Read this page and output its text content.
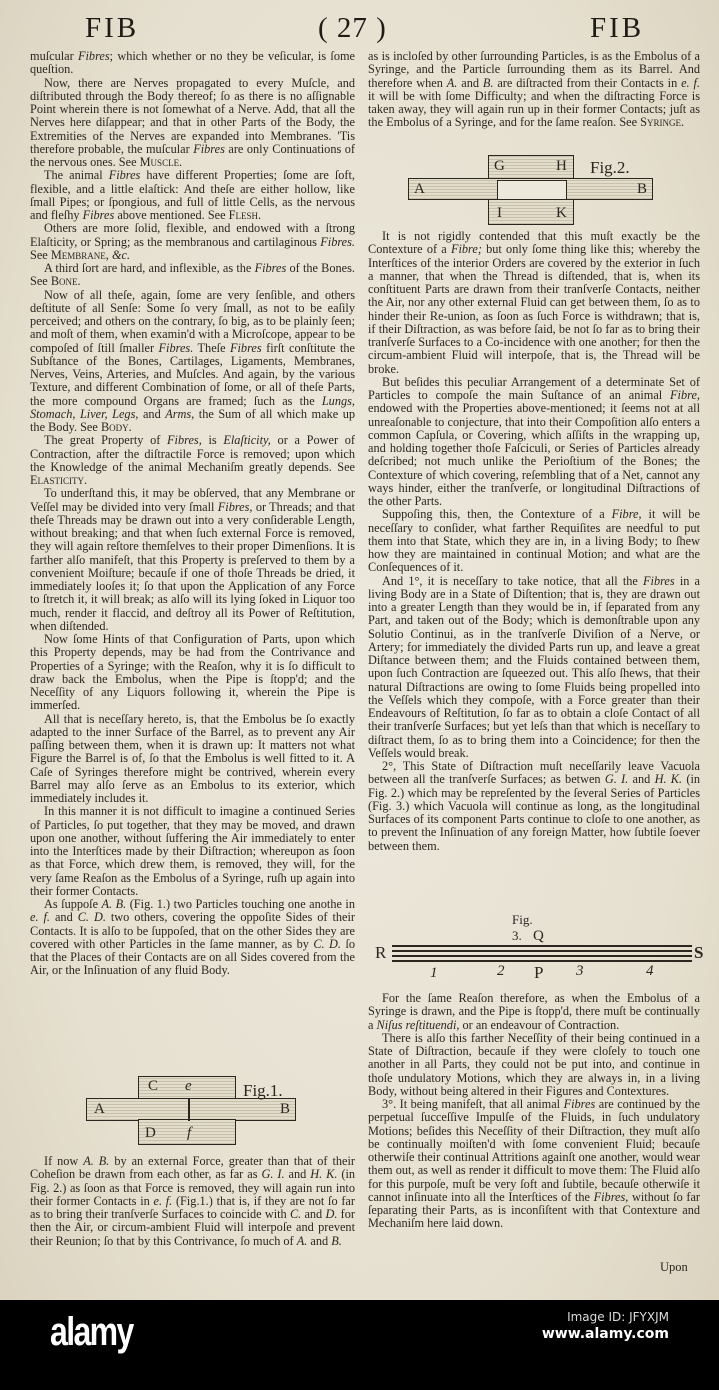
FIB	( 27 )	FIB

muſcular Fibres; which whether or no they be veſicular, is ſome queſtion.

Now, there are Nerves propagated to every Muſcle, and diſtributed through the Body thereof; ſo as there is no aſſignable Point wherein there is not ſomewhat of a Nerve. Add, that all the Nerves here diſappear; and that in other Parts of the Body, the Extremities of the Nerves are expanded into Membranes. 'Tis therefore probable, the muſcular Fibres are only Continuations of the nervous ones. See Muscle.

The animal Fibres have different Properties; ſome are ſoft, flexible, and a little elaſtick: And theſe are either hollow, like ſmall Pipes; or ſpongious, and full of little Cells, as the nervous and fleſhy Fibres above mentioned. See Flesh.

Others are more ſolid, flexible, and endowed with a ſtrong Elaſticity, or Spring; as the membranous and cartilaginous Fibres. See Membrane, &c.

A third ſort are hard, and inflexible, as the Fibres of the Bones. See Bone.

Now of all theſe, again, ſome are very ſenſible, and others deſtitute of all Senſe: Some ſo very ſmall, as not to be eaſily perceived; and others on the contrary, ſo big, as to be plainly ſeen; and moſt of them, when examin'd with a Microſcope, appear to be compoſed of ſtill ſmaller Fibres. Theſe Fibres firſt conſtitute the Subſtance of the Bones, Cartilages, Ligaments, Membranes, Nerves, Veins, Arteries, and Muſcles. And again, by the various Texture, and different Combination of ſome, or all of theſe Parts, the more compound Organs are framed; ſuch as the Lungs, Stomach, Liver, Legs, and Arms, the Sum of all which make up the Body. See Body.

The great Property of Fibres, is Elaſticity, or a Power of Contraction, after the diſtractile Force is removed; upon which the Knowledge of the animal Mechaniſm greatly depends. See Elasticity.

To underſtand this, it may be obſerved, that any Membrane or Veſſel may be divided into very ſmall Fibres, or Threads; and that theſe Threads may be drawn out into a very conſiderable Length, without breaking; and that when ſuch external Force is removed, they will again reſtore themſelves to their proper Dimenſions. It is farther alſo manifeſt, that this Property is preſerved to them by a convenient Moiſture; becauſe if one of thoſe Threads be dried, it immediately looſes it; ſo that upon the Application of any Force to ſtretch it, it will break; as alſo will its lying ſoked in Liquor too much, render it flaccid, and deſtroy all its Power of Reſtitution, when diſtended.

Now ſome Hints of that Configuration of Parts, upon which this Property depends, may be had from the Contrivance and Properties of a Syringe; with the Reaſon, why it is ſo difficult to draw back the Embolus, when the Pipe is ſtopp'd; and the Neceſſity of any Liquors following it, wherein the Pipe is immerſed.

All that is neceſſary hereto, is, that the Embolus be ſo exactly adapted to the inner Surface of the Barrel, as to prevent any Air paſſing between them, when it is drawn up: It matters not what Figure the Barrel is of, ſo that the Embolus is well fitted to it. A Caſe of Syringes therefore might be contrived, wherein every Barrel may alſo ſerve as an Embolus to its exterior, which immediately includes it.

In this manner it is not difficult to imagine a continued Series of Particles, ſo put together, that they may be moved, and drawn upon one another, without ſuffering the Air immediately to enter into the Interſtices made by their Diſtraction; whereupon as ſoon as that Force, which drew them, is removed, they will, for the very ſame Reaſon as the Embolus of a Syringe, ruſh up again into their former Contacts.

As ſuppoſe A. B. (Fig. 1.) two Particles touching one anothe in e. f. and C. D. two others, covering the oppoſite Sides of their Contacts. It is alſo to be ſuppoſed, that on the other Sides they are covered with other Particles in the ſame manner, as by C. D. ſo that the Places of their Contacts are on all Sides covered from the Air, or the Inſinuation of any fluid Body.

C e
A	B
D f
Fig.1.

If now A. B. by an external Force, greater than that of their Coheſion be drawn from each other, as far as G. I. and H. K. (in Fig. 2.) as ſoon as that Force is removed, they will again run into their former Contacts in e. f. (Fig.1.) that is, if they are not ſo far as to bring their tranſverſe Surfaces to coincide with C. and D. for then the Air, or circum-ambient Fluid will interpoſe and prevent their Reunion; ſo that by this Contrivance, ſo much of A. and B.

as is incloſed by other ſurrounding Particles, is as the Embolus of a Syringe, and the Particle ſurrounding them as its Barrel. And therefore when A. and B. are diſtracted from their Contacts in e. f. it will be with ſome Difficulty; and when the diſtracting Force is taken away, they will again run up in their former Contacts; juſt as the Embolus of a Syringe, and for the ſame reaſon. See Syringe.

G	H
A	B
I	K
Fig.2.

It is not rigidly contended that this muſt exactly be the Contexture of a Fibre; but only ſome thing like this; whereby the Interſtices of the interior Orders are covered by the exterior in ſuch a manner, that when the Thread is diſtended, that is, when its conſtituent Parts are drawn from their tranſverſe Contacts, neither the Air, nor any other external Fluid can get between them, ſo as to hinder their Re-union, as ſoon as ſuch Force is withdrawn; that is, if their Diſtraction, as was before ſaid, be not ſo far as to bring their tranſverſe Surfaces to a Co-incidence with one another; for then the circum-ambient Fluid will interpoſe, that is, the Thread will be broke.

But beſides this peculiar Arrangement of a determinate Set of Particles to compoſe the main Suſtance of an animal Fibre, endowed with the Properties above-mentioned; it ſeems not at all unreaſonable to conjecture, that into their Compoſition alſo enters a common Capſula, or Covering, which aſſiſts in the wrapping up, and holding together thoſe Faſciculi, or Series of Particles already deſcribed; not much unlike the Perioſtium of the Bones; the Contexture of which covering, reſembling that of a Net, cannot any ways hinder, either the tranſverſe, or longitudinal Diſtractions of the other Parts.

Suppoſing this, then, the Contexture of a Fibre, it will be neceſſary to conſider, what farther Requiſites are needful to put them into that State, which they are in, in a living Body; to ſhew how they are maintained in continual Motion; and what are the Conſequences of it.

And 1°, it is neceſſary to take notice, that all the Fibres in a living Body are in a State of Diſtention; that is, they are drawn out into a greater Length than they would be in, if ſeparated from any Part, and taken out of the Body; which is demonſtrable upon any Solutio Continui, as in the tranſverſe Diviſion of a Nerve, or Artery; for immediately the divided Parts run up, and leave a great Diſtance between them; and the Fluids contained between them, upon ſuch Contraction are ſqueezed out. This alſo ſhews, that their natural Diſtractions are owing to ſome Fluids being propelled into the Veſſels which they compoſe, with a Force greater than their Endeavours of Reſtitution, ſo far as to obtain a cloſe Contact of all their tranſverſe Surfaces; but yet leſs than that which is neceſſary to diſtract them, ſo as to bring them into a Coincidence; for then the Veſſels would break.

2°, This State of Diſtraction muſt neceſſarily leave Vacuola between all the tranſverſe Surfaces; as betwen G. I. and H. K. (in Fig. 2.) which may be repreſented by the ſeveral Series of Particles (Fig. 3.) which Vacuola will continue as long, as the longitudinal Surfaces of its component Parts continue to cloſe to one another, as to prevent the Inſinuation of any foreign Matter, how ſubtile ſoever between them.

Fig. 3. Q
R	S
1	2 P 3	4

For the ſame Reaſon therefore, as when the Embolus of a Syringe is drawn, and the Pipe is ſtopp'd, there muſt be continually a Niſus reſtituendi, or an endeavour of Contraction.

There is alſo this farther Neceſſity of their being continued in a State of Diſtraction, becauſe if they were cloſely to touch one another in all Parts, they could not be put into, and continue in thoſe undulatory Motions, which they are always in, in a living Body, without being altered in their Figures and Contextures.

3°. It being manifeſt, that all animal Fibres are continued by the perpetual ſucceſſive Impulſe of the Fluids, in ſuch undulatory Motions; beſides this Neceſſity of their Diſtraction, they muſt alſo be continually moiſten'd with ſome convenient Fluid; becauſe otherwiſe their continual Attritions againſt one another, would wear them out, as well as render it difficult to move them: The Fluid alſo for this purpoſe, muſt be very ſoft and ſubtile, becauſe otherwiſe it cannot inſinuate into all the Interſtices of the Fibres, without ſo far ſeparating their Parts, as is inconſiſtent with that Contexture and Mechaniſm here laid down.

Upon
alamy	Image ID: JFYXJM
www.alamy.com
